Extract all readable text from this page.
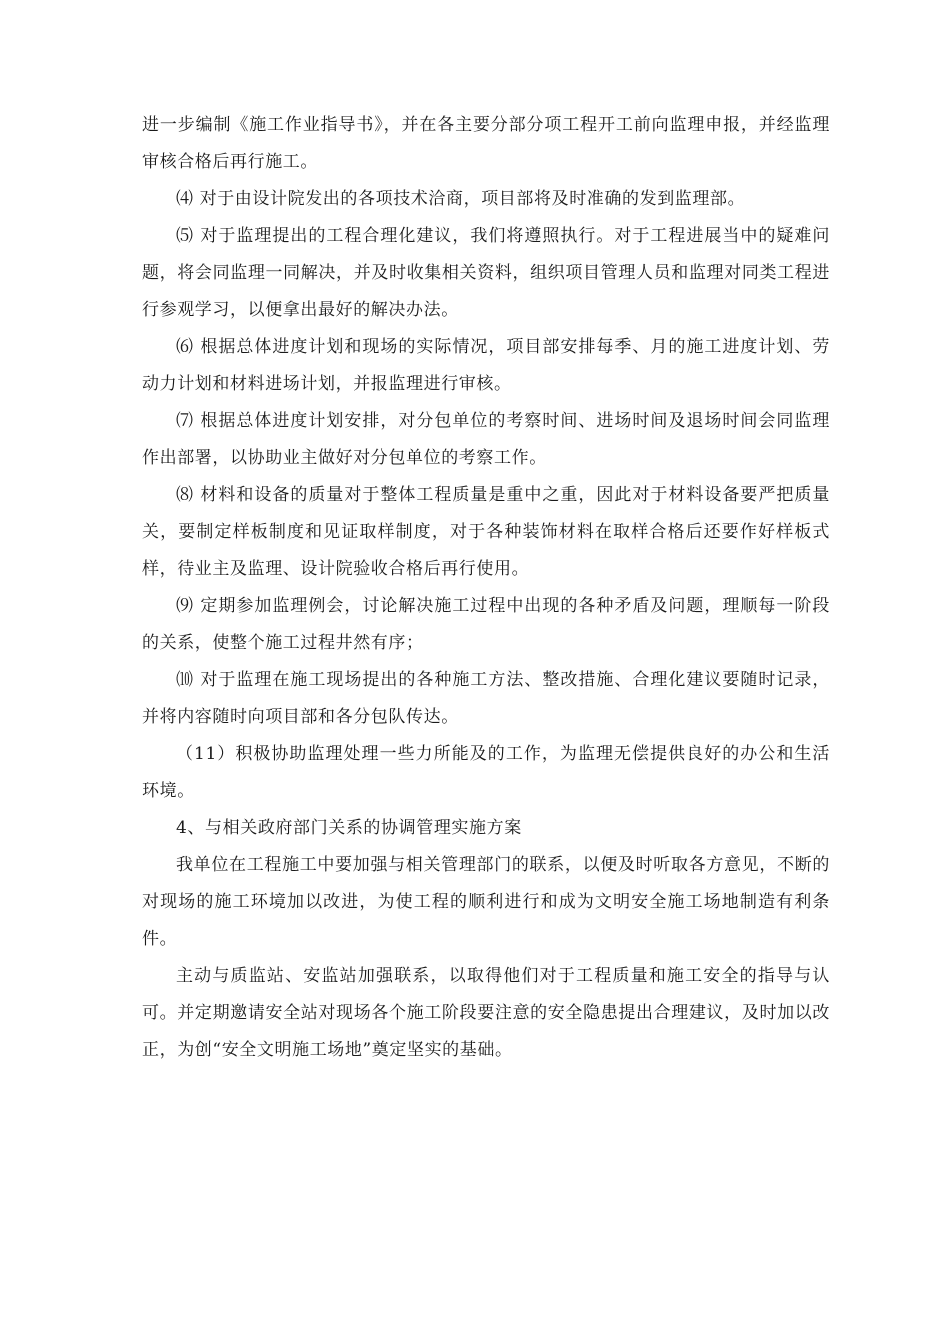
进一步编制《施工作业指导书》，并在各主要分部分项工程开工前向监理申报，并经监理审核合格后再行施工。

⑷ 对于由设计院发出的各项技术洽商，项目部将及时准确的发到监理部。

⑸ 对于监理提出的工程合理化建议，我们将遵照执行。对于工程进展当中的疑难问题，将会同监理一同解决，并及时收集相关资料，组织项目管理人员和监理对同类工程进行参观学习，以便拿出最好的解决办法。

⑹ 根据总体进度计划和现场的实际情况，项目部安排每季、月的施工进度计划、劳动力计划和材料进场计划，并报监理进行审核。

⑺ 根据总体进度计划安排，对分包单位的考察时间、进场时间及退场时间会同监理作出部署，以协助业主做好对分包单位的考察工作。

⑻ 材料和设备的质量对于整体工程质量是重中之重，因此对于材料设备要严把质量关，要制定样板制度和见证取样制度，对于各种装饰材料在取样合格后还要作好样板式样，待业主及监理、设计院验收合格后再行使用。

⑼ 定期参加监理例会，讨论解决施工过程中出现的各种矛盾及问题，理顺每一阶段的关系，使整个施工过程井然有序；

⑽ 对于监理在施工现场提出的各种施工方法、整改措施、合理化建议要随时记录，并将内容随时向项目部和各分包队传达。

（11）积极协助监理处理一些力所能及的工作，为监理无偿提供良好的办公和生活环境。

4、与相关政府部门关系的协调管理实施方案

我单位在工程施工中要加强与相关管理部门的联系，以便及时听取各方意见，不断的对现场的施工环境加以改进，为使工程的顺利进行和成为文明安全施工场地制造有利条件。

主动与质监站、安监站加强联系，以取得他们对于工程质量和施工安全的指导与认可。并定期邀请安全站对现场各个施工阶段要注意的安全隐患提出合理建议，及时加以改正，为创“安全文明施工场地”奠定坚实的基础。
